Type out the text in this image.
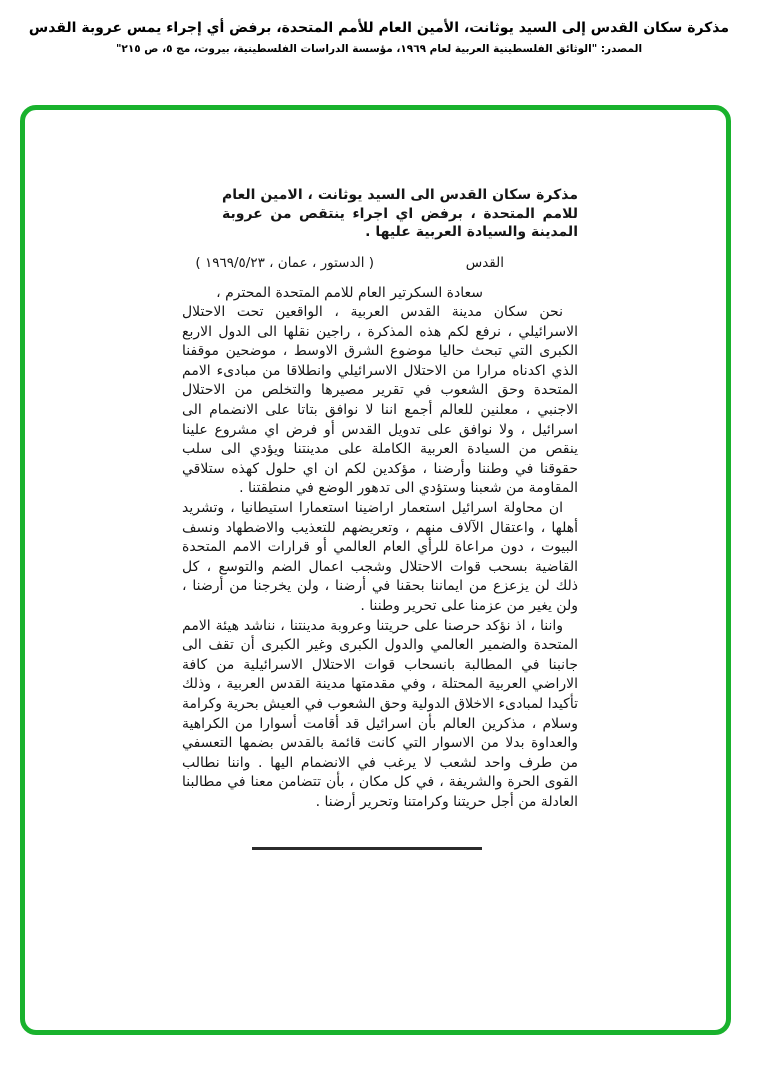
مذكرة سكان القدس إلى السيد يوثانت، الأمين العام للأمم المتحدة، برفض أي إجراء يمس عروبة القدس
المصدر: "الوثائق الفلسطينية العربية لعام ١٩٦٩، مؤسسة الدراسات الفلسطينية، بيروت، مج ٥، ص ٢١٥"
مذكرة سكان القدس الى السيد يوثانت ، الامين العام للامم المتحدة ، برفض اي اجراء ينتقص من عروبة المدينة والسيادة العربية عليها .
القدس
( الدستور ، عمان ، ١٩٦٩/٥/٢٣ )
سعادة السكرتير العام للامم المتحدة المحترم ،

نحن سكان مدينة القدس العربية ، الواقعين تحت الاحتلال الاسرائيلي ، نرفع لكم هذه المذكرة ، راجين نقلها الى الدول الاربع الكبرى التي تبحث حاليا موضوع الشرق الاوسط ، موضحين موقفنا الذي اكدناه مرارا من الاحتلال الاسرائيلي وانطلاقا من مبادىء الامم المتحدة وحق الشعوب في تقرير مصيرها والتخلص من الاحتلال الاجنبي ، معلنين للعالم أجمع اننا لا نوافق بتاتا على الانضمام الى اسرائيل ، ولا نوافق على تدويل القدس أو فرض اي مشروع علينا ينقص من السيادة العربية الكاملة على مدينتنا ويؤدي الى سلب حقوقنا في وطننا وأرضنا ، مؤكدين لكم ان اي حلول كهذه ستلاقي المقاومة من شعبنا وستؤدي الى تدهور الوضع في منطقتنا .

ان محاولة اسرائيل استعمار اراضينا استعمارا استيطانيا ، وتشريد أهلها ، واعتقال الآلاف منهم ، وتعريضهم للتعذيب والاضطهاد ونسف البيوت ، دون مراعاة للرأي العام العالمي أو قرارات الامم المتحدة القاضية بسحب قوات الاحتلال وشجب اعمال الضم والتوسع ، كل ذلك لن يزعزع من ايماننا بحقنا في أرضنا ، ولن يخرجنا من أرضنا ، ولن يغير من عزمنا على تحرير وطننا .

واننا ، اذ نؤكد حرصنا على حريتنا وعروبة مدينتنا ، نناشد هيئة الامم المتحدة والضمير العالمي والدول الكبرى وغير الكبرى أن تقف الى جانبنا في المطالبة بانسحاب قوات الاحتلال الاسرائيلية من كافة الاراضي العربية المحتلة ، وفي مقدمتها مدينة القدس العربية ، وذلك تأكيدا لمبادىء الاخلاق الدولية وحق الشعوب في العيش بحرية وكرامة وسلام ، مذكرين العالم بأن اسرائيل قد أقامت أسوارا من الكراهية والعداوة بدلا من الاسوار التي كانت قائمة بالقدس بضمها التعسفي من طرف واحد لشعب لا يرغب في الانضمام اليها . واننا نطالب القوى الحرة والشريفة ، في كل مكان ، بأن تتضامن معنا في مطالبنا العادلة من أجل حريتنا وكرامتنا وتحرير أرضنا .
